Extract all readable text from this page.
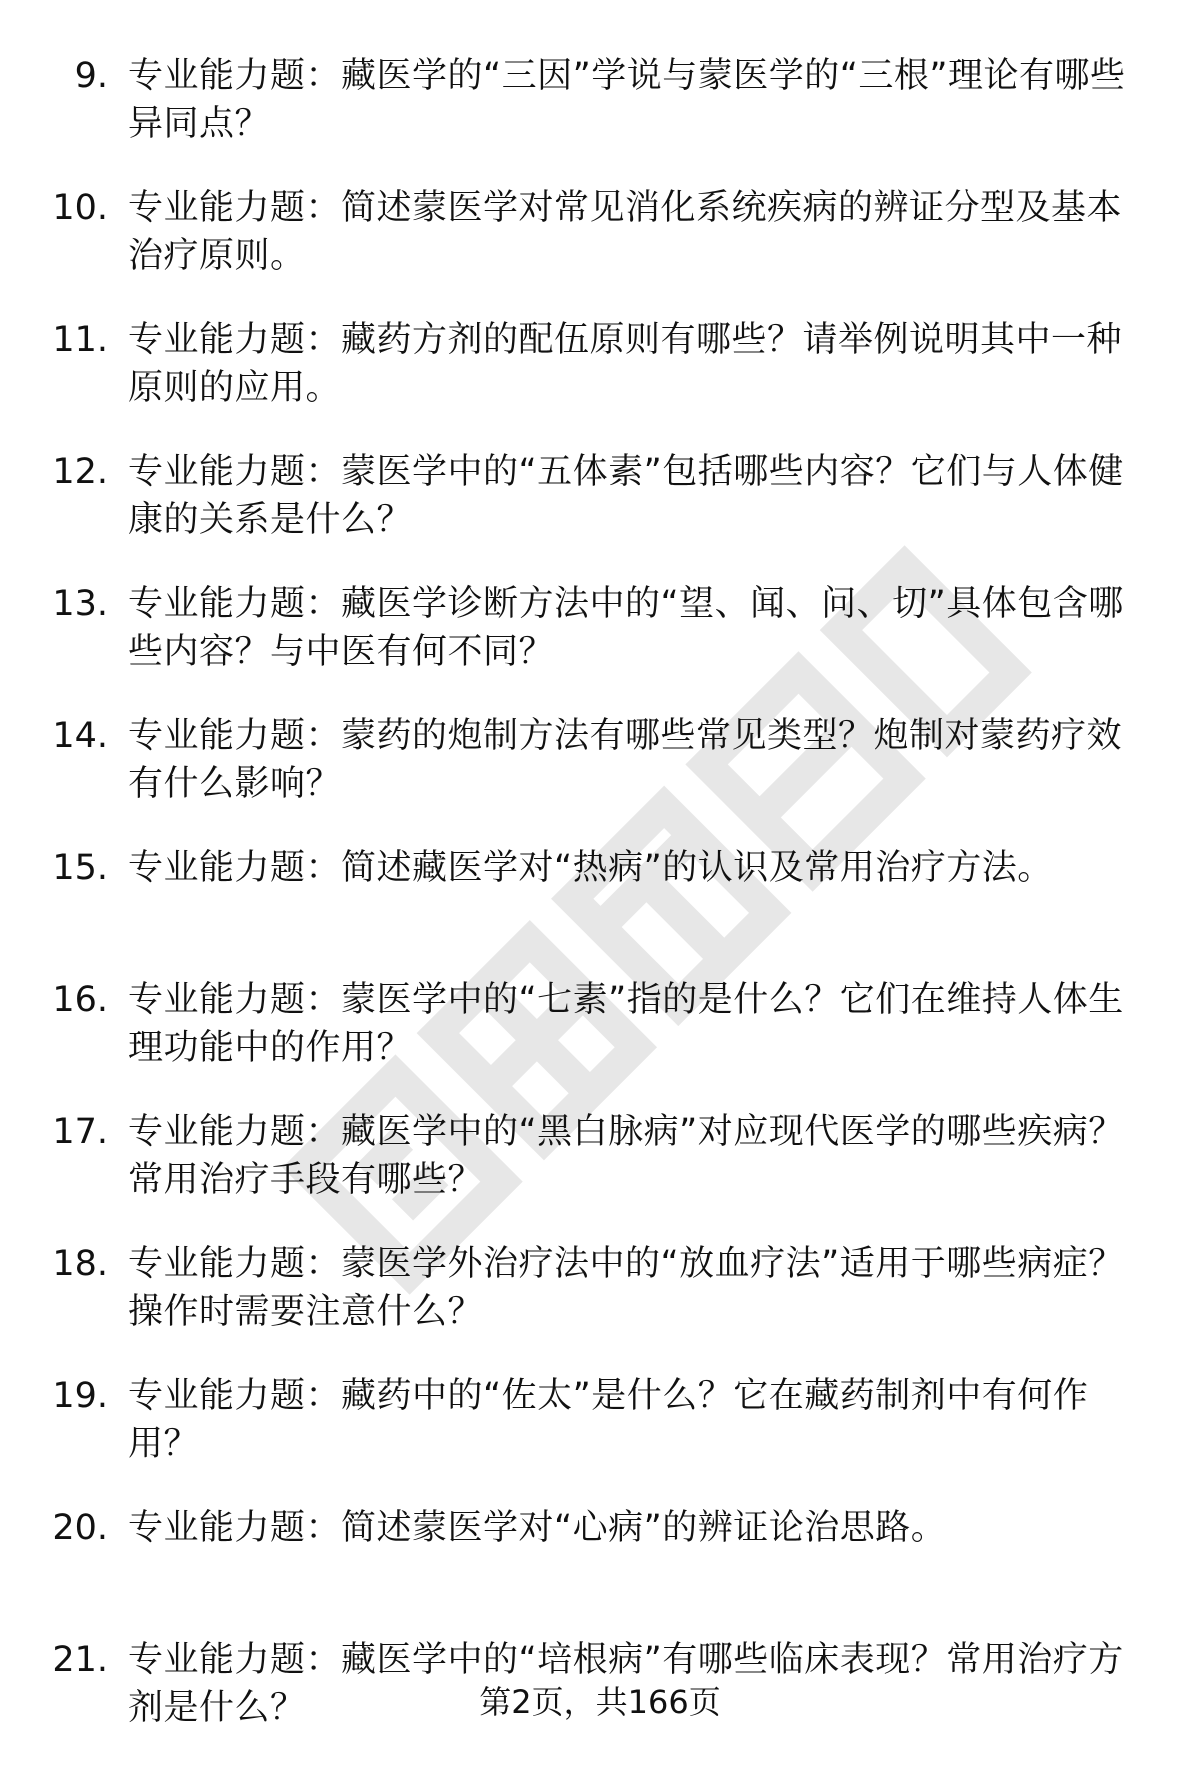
9. 专业能力题：藏医学的“三因”学说与蒙医学的“三根”理论有哪些异同点？
10. 专业能力题：简述蒙医学对常见消化系统疾病的辨证分型及基本治疗原则。
11. 专业能力题：藏药方剂的配伍原则有哪些？请举例说明其中一种原则的应用。
12. 专业能力题：蒙医学中的“五体素”包括哪些内容？它们与人体健康的关系是什么？
13. 专业能力题：藏医学诊断方法中的“望、闻、问、切”具体包含哪些内容？与中医有何不同？
14. 专业能力题：蒙药的炮制方法有哪些常见类型？炮制对蒙药疗效有什么影响？
15. 专业能力题：简述藏医学对“热病”的认识及常用治疗方法。
16. 专业能力题：蒙医学中的“七素”指的是什么？它们在维持人体生理功能中的作用？
17. 专业能力题：藏医学中的“黑白脉病”对应现代医学的哪些疾病？常用治疗手段有哪些？
18. 专业能力题：蒙医学外治疗法中的“放血疗法”适用于哪些病症？操作时需要注意什么？
19. 专业能力题：藏药中的“佐太”是什么？它在藏药制剂中有何作用？
20. 专业能力题：简述蒙医学对“心病”的辨证论治思路。
21. 专业能力题：藏医学中的“培根病”有哪些临床表现？常用治疗方剂是什么？	第2页，共166页
